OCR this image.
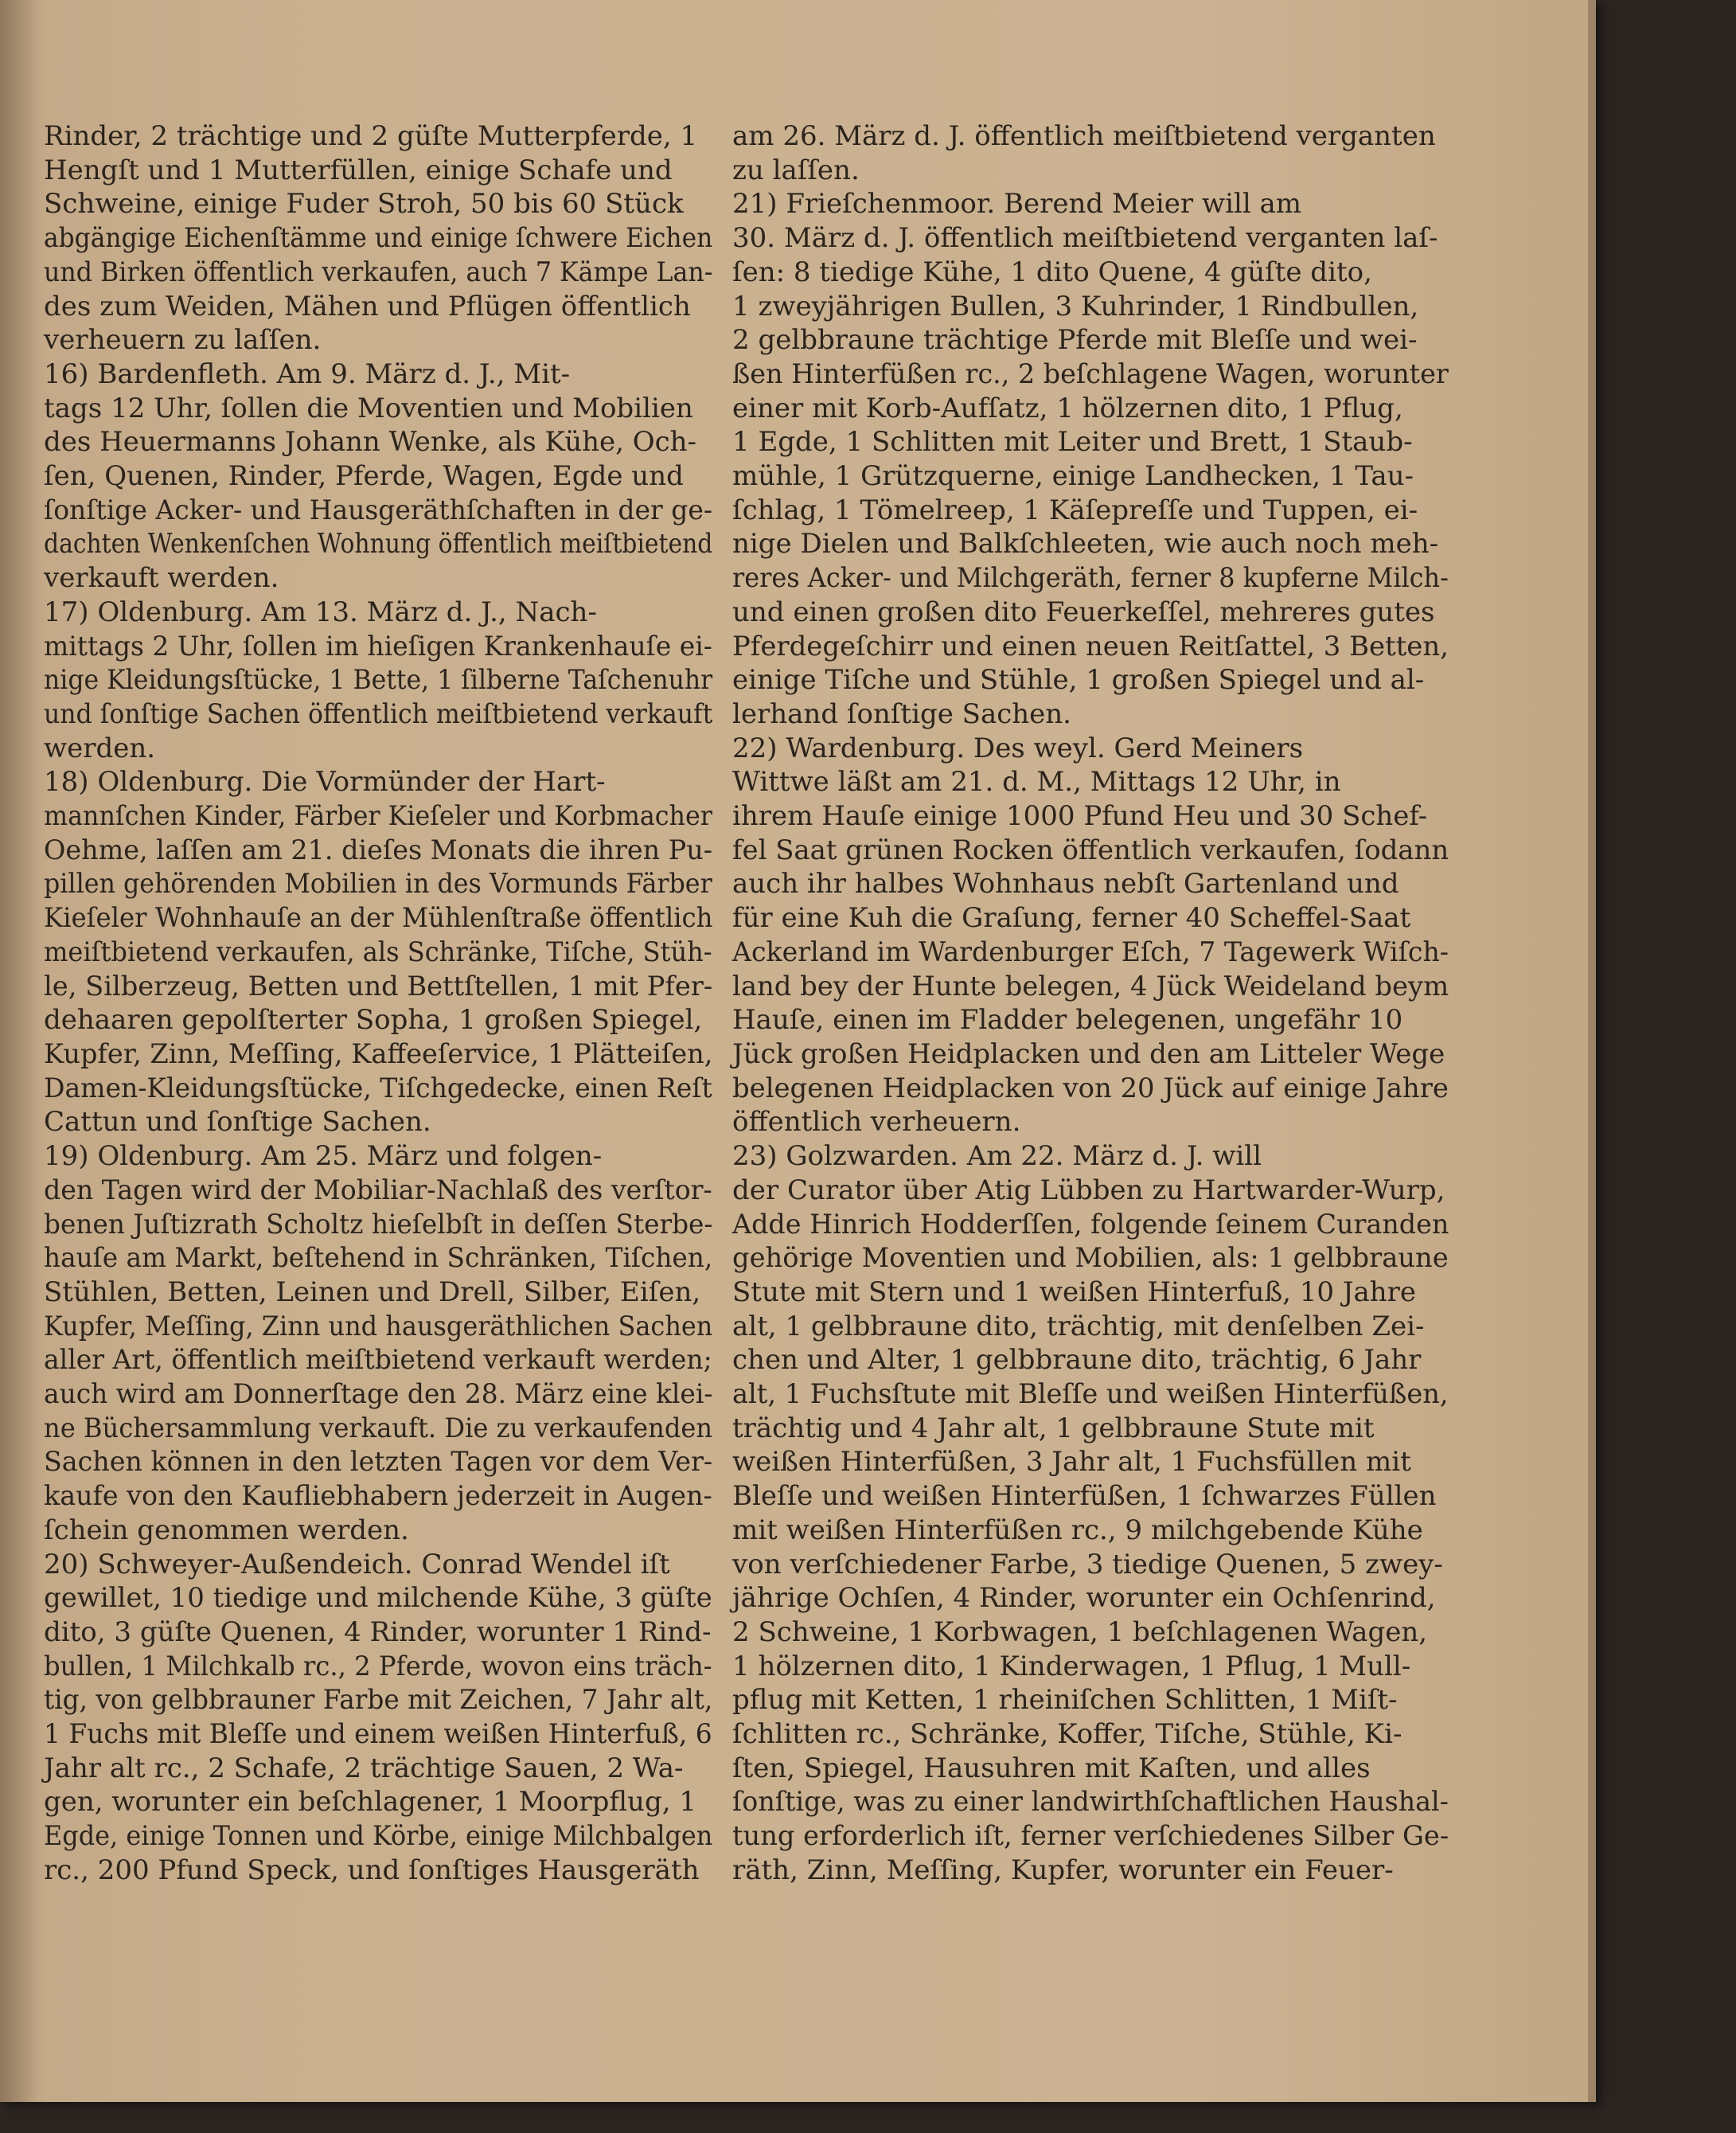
Rinder, 2 trächtige und 2 güſte Mutterpferde, 1
Hengſt und 1 Mutterfüllen, einige Schafe und
Schweine, einige Fuder Stroh, 50 bis 60 Stück
abgängige Eichenſtämme und einige ſchwere Eichen
und Birken öffentlich verkaufen, auch 7 Kämpe Lan-
des zum Weiden, Mähen und Pflügen öffentlich
verheuern zu laſſen.
16) Bardenfleth. Am 9. März d. J., Mit-
tags 12 Uhr, ſollen die Moventien und Mobilien
des Heuermanns Johann Wenke, als Kühe, Och-
ſen, Quenen, Rinder, Pferde, Wagen, Egde und
ſonſtige Acker- und Hausgeräthſchaften in der ge-
dachten Wenkenſchen Wohnung öffentlich meiſtbietend
verkauft werden.
17) Oldenburg. Am 13. März d. J., Nach-
mittags 2 Uhr, ſollen im hieſigen Krankenhauſe ei-
nige Kleidungsſtücke, 1 Bette, 1 ſilberne Taſchenuhr
und ſonſtige Sachen öffentlich meiſtbietend verkauft
werden.
18) Oldenburg. Die Vormünder der Hart-
mannſchen Kinder, Färber Kieſeler und Korbmacher
Oehme, laſſen am 21. dieſes Monats die ihren Pu-
pillen gehörenden Mobilien in des Vormunds Färber
Kieſeler Wohnhauſe an der Mühlenſtraße öffentlich
meiſtbietend verkaufen, als Schränke, Tiſche, Stüh-
le, Silberzeug, Betten und Bettſtellen, 1 mit Pfer-
dehaaren gepolſterter Sopha, 1 großen Spiegel,
Kupfer, Zinn, Meſſing, Kaffeeſervice, 1 Plätteiſen,
Damen-Kleidungsſtücke, Tiſchgedecke, einen Reſt
Cattun und ſonſtige Sachen.
19) Oldenburg. Am 25. März und folgen-
den Tagen wird der Mobiliar-Nachlaß des verſtor-
benen Juſtizrath Scholtz hieſelbſt in deſſen Sterbe-
hauſe am Markt, beſtehend in Schränken, Tiſchen,
Stühlen, Betten, Leinen und Drell, Silber, Eiſen,
Kupfer, Meſſing, Zinn und hausgeräthlichen Sachen
aller Art, öffentlich meiſtbietend verkauft werden;
auch wird am Donnerſtage den 28. März eine klei-
ne Büchersammlung verkauft. Die zu verkaufenden
Sachen können in den letzten Tagen vor dem Ver-
kaufe von den Kaufliebhabern jederzeit in Augen-
ſchein genommen werden.
20) Schweyer-Außendeich. Conrad Wendel iſt
gewillet, 10 tiedige und milchende Kühe, 3 güſte
dito, 3 güſte Quenen, 4 Rinder, worunter 1 Rind-
bullen, 1 Milchkalb rc., 2 Pferde, wovon eins träch-
tig, von gelbbrauner Farbe mit Zeichen, 7 Jahr alt,
1 Fuchs mit Bleſſe und einem weißen Hinterfuß, 6
Jahr alt rc., 2 Schafe, 2 trächtige Sauen, 2 Wa-
gen, worunter ein beſchlagener, 1 Moorpflug, 1
Egde, einige Tonnen und Körbe, einige Milchbalgen
rc., 200 Pfund Speck, und ſonſtiges Hausgeräth
am 26. März d. J. öffentlich meiſtbietend verganten
zu laſſen.
21) Frieſchenmoor. Berend Meier will am
30. März d. J. öffentlich meiſtbietend verganten laſ-
ſen: 8 tiedige Kühe, 1 dito Quene, 4 güſte dito,
1 zweyjährigen Bullen, 3 Kuhrinder, 1 Rindbullen,
2 gelbbraune trächtige Pferde mit Bleſſe und wei-
ßen Hinterfüßen rc., 2 beſchlagene Wagen, worunter
einer mit Korb-Aufſatz, 1 hölzernen dito, 1 Pflug,
1 Egde, 1 Schlitten mit Leiter und Brett, 1 Staub-
mühle, 1 Grützquerne, einige Landhecken, 1 Tau-
ſchlag, 1 Tömelreep, 1 Käſepreſſe und Tuppen, ei-
nige Dielen und Balkſchleeten, wie auch noch meh-
reres Acker- und Milchgeräth, ferner 8 kupferne Milch-
und einen großen dito Feuerkeſſel, mehreres gutes
Pferdegeſchirr und einen neuen Reitſattel, 3 Betten,
einige Tiſche und Stühle, 1 großen Spiegel und al-
lerhand ſonſtige Sachen.
22) Wardenburg. Des weyl. Gerd Meiners
Wittwe läßt am 21. d. M., Mittags 12 Uhr, in
ihrem Hauſe einige 1000 Pfund Heu und 30 Schef-
fel Saat grünen Rocken öffentlich verkaufen, ſodann
auch ihr halbes Wohnhaus nebſt Gartenland und
für eine Kuh die Graſung, ferner 40 Scheffel-Saat
Ackerland im Wardenburger Eſch, 7 Tagewerk Wiſch-
land bey der Hunte belegen, 4 Jück Weideland beym
Hauſe, einen im Fladder belegenen, ungefähr 10
Jück großen Heidplacken und den am Litteler Wege
belegenen Heidplacken von 20 Jück auf einige Jahre
öffentlich verheuern.
23) Golzwarden. Am 22. März d. J. will
der Curator über Atig Lübben zu Hartwarder-Wurp,
Adde Hinrich Hodderſſen, folgende ſeinem Curanden
gehörige Moventien und Mobilien, als: 1 gelbbraune
Stute mit Stern und 1 weißen Hinterfuß, 10 Jahre
alt, 1 gelbbraune dito, trächtig, mit denſelben Zei-
chen und Alter, 1 gelbbraune dito, trächtig, 6 Jahr
alt, 1 Fuchsſtute mit Bleſſe und weißen Hinterfüßen,
trächtig und 4 Jahr alt, 1 gelbbraune Stute mit
weißen Hinterfüßen, 3 Jahr alt, 1 Fuchsfüllen mit
Bleſſe und weißen Hinterfüßen, 1 ſchwarzes Füllen
mit weißen Hinterfüßen rc., 9 milchgebende Kühe
von verſchiedener Farbe, 3 tiedige Quenen, 5 zwey-
jährige Ochſen, 4 Rinder, worunter ein Ochſenrind,
2 Schweine, 1 Korbwagen, 1 beſchlagenen Wagen,
1 hölzernen dito, 1 Kinderwagen, 1 Pflug, 1 Mull-
pflug mit Ketten, 1 rheiniſchen Schlitten, 1 Miſt-
ſchlitten rc., Schränke, Koffer, Tiſche, Stühle, Ki-
ſten, Spiegel, Hausuhren mit Kaſten, und alles
ſonſtige, was zu einer landwirthſchaftlichen Haushal-
tung erforderlich iſt, ferner verſchiedenes Silber Ge-
räth, Zinn, Meſſing, Kupfer, worunter ein Feuer-
